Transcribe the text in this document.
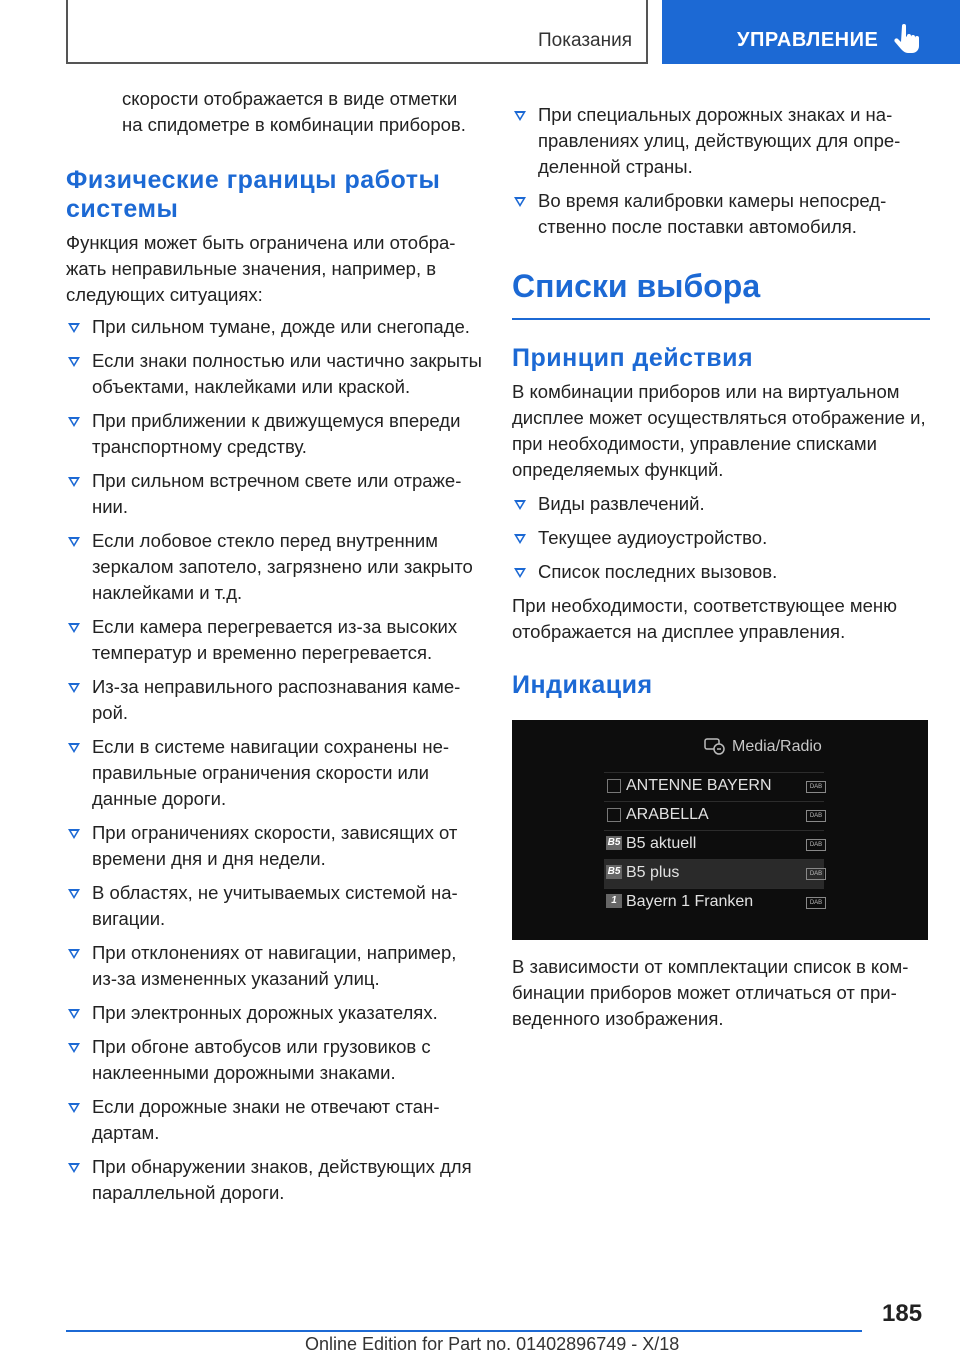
Показания	УПРАВЛЕНИЕ

скорости отображается в виде отметки

на спидометре в комбинации приборов.

Физические границы работы системы

Функция может быть ограничена или отображать неправильные значения, например, в следующих ситуациях:

При сильном тумане, дожде или снегопаде.
Если знаки полностью или частично закрыты объектами, наклейками или краской.
При приближении к движущемуся впереди транспортному средству.
При сильном встречном свете или отражении.
Если лобовое стекло перед внутренним зеркалом запотело, загрязнено или закрыто наклейками и т.д.
Если камера перегревается из-за высоких температур и временно перегревается.
Из-за неправильного распознавания камерой.
Если в системе навигации сохранены неправильные ограничения скорости или данные дороги.
При ограничениях скорости, зависящих от времени дня и дня недели.
В областях, не учитываемых системой навигации.
При отклонениях от навигации, например, из-за измененных указаний улиц.
При электронных дорожных указателях.
При обгоне автобусов или грузовиков с наклеенными дорожными знаками.
Если дорожные знаки не отвечают стандартам.
При обнаружении знаков, действующих для параллельной дороги.
При специальных дорожных знаках и направлениях улиц, действующих для определенной страны.
Во время калибровки камеры непосредственно после поставки автомобиля.
Списки выбора
Принцип действия

В комбинации приборов или на виртуальном дисплее может осуществляться отображение и, при необходимости, управление списками определяемых функций.

Виды развлечений.
Текущее аудиоустройство.
Список последних вызовов.

При необходимости, соответствующее меню отображается на дисплее управления.

Индикация
Media/Radio
ANTENNE BAYERN	DAB
ARABELLA	DAB
B5 B5 aktuell	DAB
B5 B5 plus	DAB
1 Bayern 1 Franken	DAB

В зависимости от комплектации список в комбинации приборов может отличаться от приведенного изображения.

185
Online Edition for Part no. 01402896749 - X/18
